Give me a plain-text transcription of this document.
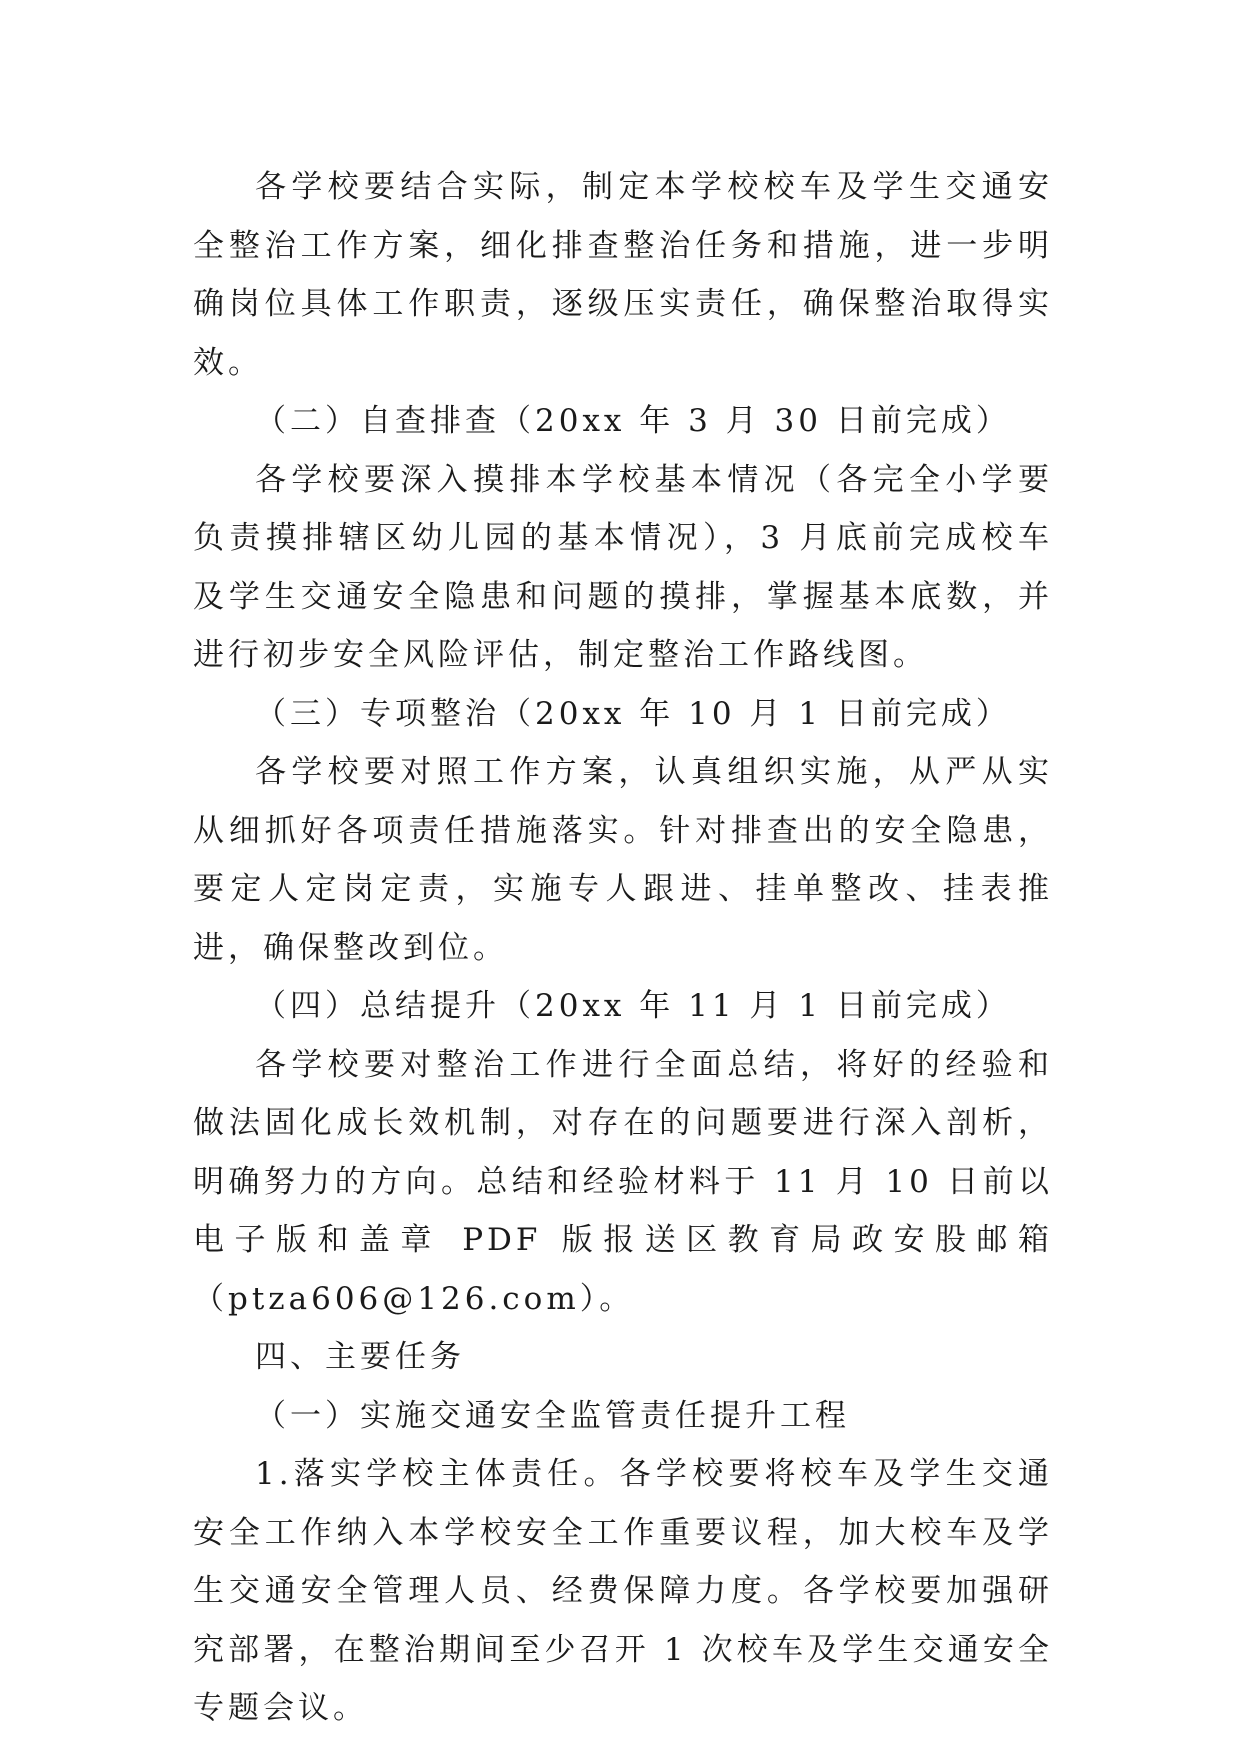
各学校要结合实际，制定本学校校车及学生交通安全整治工作方案，细化排查整治任务和措施，进一步明确岗位具体工作职责，逐级压实责任，确保整治取得实效。

（二）自查排查（20xx 年 3 月 30 日前完成）

各学校要深入摸排本学校基本情况（各完全小学要负责摸排辖区幼儿园的基本情况），3 月底前完成校车及学生交通安全隐患和问题的摸排，掌握基本底数，并进行初步安全风险评估，制定整治工作路线图。

（三）专项整治（20xx 年 10 月 1 日前完成）

各学校要对照工作方案，认真组织实施，从严从实从细抓好各项责任措施落实。针对排查出的安全隐患，要定人定岗定责，实施专人跟进、挂单整改、挂表推进，确保整改到位。

（四）总结提升（20xx 年 11 月 1 日前完成）

各学校要对整治工作进行全面总结，将好的经验和做法固化成长效机制，对存在的问题要进行深入剖析，明确努力的方向。总结和经验材料于 11 月 10 日前以电子版和盖章 PDF 版报送区教育局政安股邮箱（ptza606@126.com）。

四、主要任务

（一）实施交通安全监管责任提升工程

1.落实学校主体责任。各学校要将校车及学生交通安全工作纳入本学校安全工作重要议程，加大校车及学生交通安全管理人员、经费保障力度。各学校要加强研究部署，在整治期间至少召开 1 次校车及学生交通安全专题会议。
